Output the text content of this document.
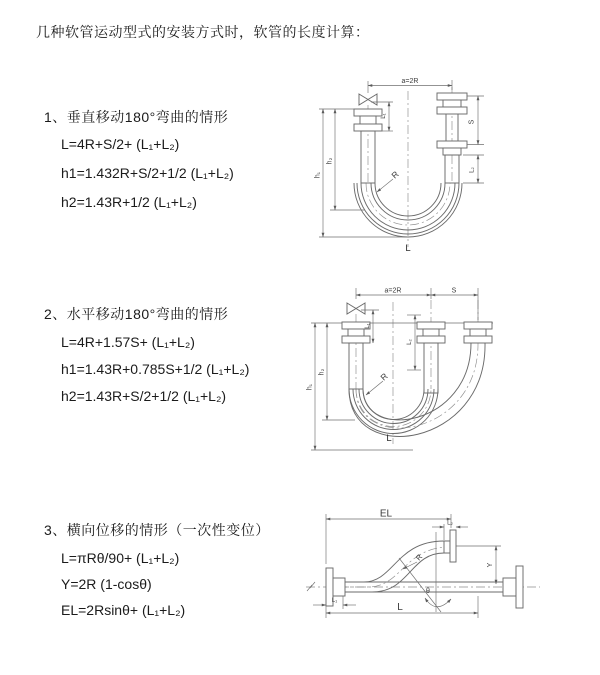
几种软管运动型式的安装方式时，软管的长度计算：
1、垂直移动180°弯曲的情形
L=4R+S/2+ (L₁+L₂)
h1=1.432R+S/2+1/2 (L₁+L₂)
h2=1.43R+1/2 (L₁+L₂)
2、水平移动180°弯曲的情形
L=4R+1.57S+ (L₁+L₂)
h1=1.43R+0.785S+1/2 (L₁+L₂)
h2=1.43R+S/2+1/2 (L₁+L₂)
3、横向位移的情形（一次性变位）
L=πRθ/90+ (L₁+L₂)
Y=2R (1-cosθ)
EL=2Rsinθ+ (L₁+L₂)
a=2R
S
L₂
h₁
h₂
L₁
R
L
a=2R	S
h₁
h₂
L₁
L₂
R
L
θ
EL
L₂
Y
L
L₁
R
